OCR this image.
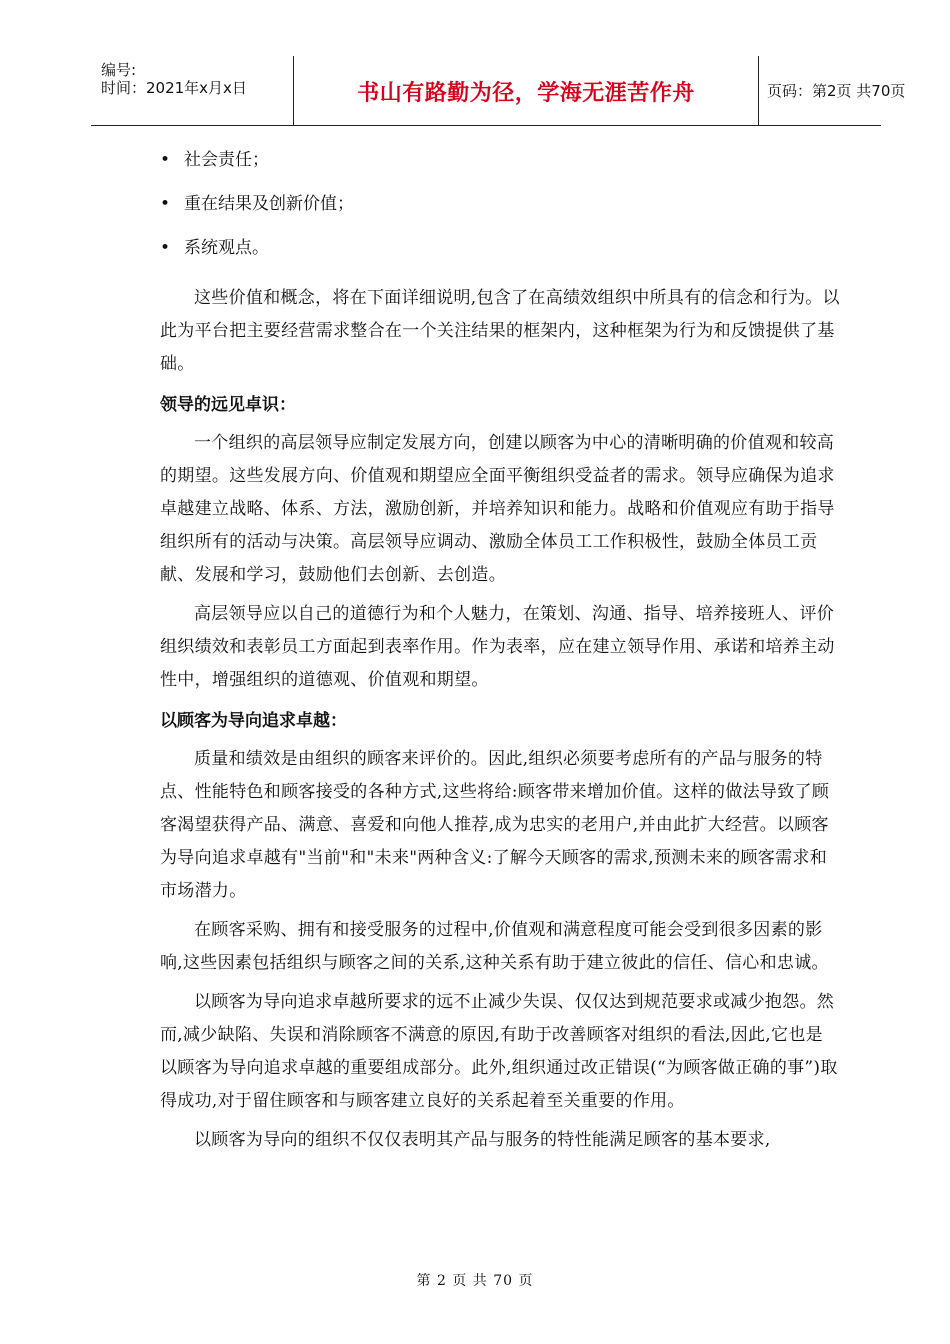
编号:
时间：2021年x月x日	书山有路勤为径，学海无涯苦作舟	页码：第2页 共70页
• 社会责任；
• 重在结果及创新价值；
• 系统观点。

这些价值和概念，将在下面详细说明,包含了在高绩效组织中所具有的信念和行为。以此为平台把主要经营需求整合在一个关注结果的框架内，这种框架为行为和反馈提供了基础。

领导的远见卓识：

一个组织的高层领导应制定发展方向，创建以顾客为中心的清晰明确的价值观和较高的期望。这些发展方向、价值观和期望应全面平衡组织受益者的需求。领导应确保为追求卓越建立战略、体系、方法，激励创新，并培养知识和能力。战略和价值观应有助于指导组织所有的活动与决策。高层领导应调动、激励全体员工工作积极性，鼓励全体员工贡献、发展和学习，鼓励他们去创新、去创造。

高层领导应以自己的道德行为和个人魅力，在策划、沟通、指导、培养接班人、评价组织绩效和表彰员工方面起到表率作用。作为表率，应在建立领导作用、承诺和培养主动性中，增强组织的道德观、价值观和期望。

以顾客为导向追求卓越：

质量和绩效是由组织的顾客来评价的。因此,组织必须要考虑所有的产品与服务的特点、性能特色和顾客接受的各种方式,这些将给:顾客带来增加价值。这样的做法导致了顾客渴望获得产品、满意、喜爱和向他人推荐,成为忠实的老用户,并由此扩大经营。以顾客为导向追求卓越有"当前"和"未来"两种含义:了解今天顾客的需求,预测未来的顾客需求和市场潜力。

在顾客采购、拥有和接受服务的过程中,价值观和满意程度可能会受到很多因素的影响,这些因素包括组织与顾客之间的关系,这种关系有助于建立彼此的信任、信心和忠诚。

以顾客为导向追求卓越所要求的远不止减少失误、仅仅达到规范要求或减少抱怨。然而,减少缺陷、失误和消除顾客不满意的原因,有助于改善顾客对组织的看法,因此,它也是以顾客为导向追求卓越的重要组成部分。此外,组织通过改正错误(“为顾客做正确的事”)取得成功,对于留住顾客和与顾客建立良好的关系起着至关重要的作用。

以顾客为导向的组织不仅仅表明其产品与服务的特性能满足顾客的基本要求,

第 2 页 共 70 页
